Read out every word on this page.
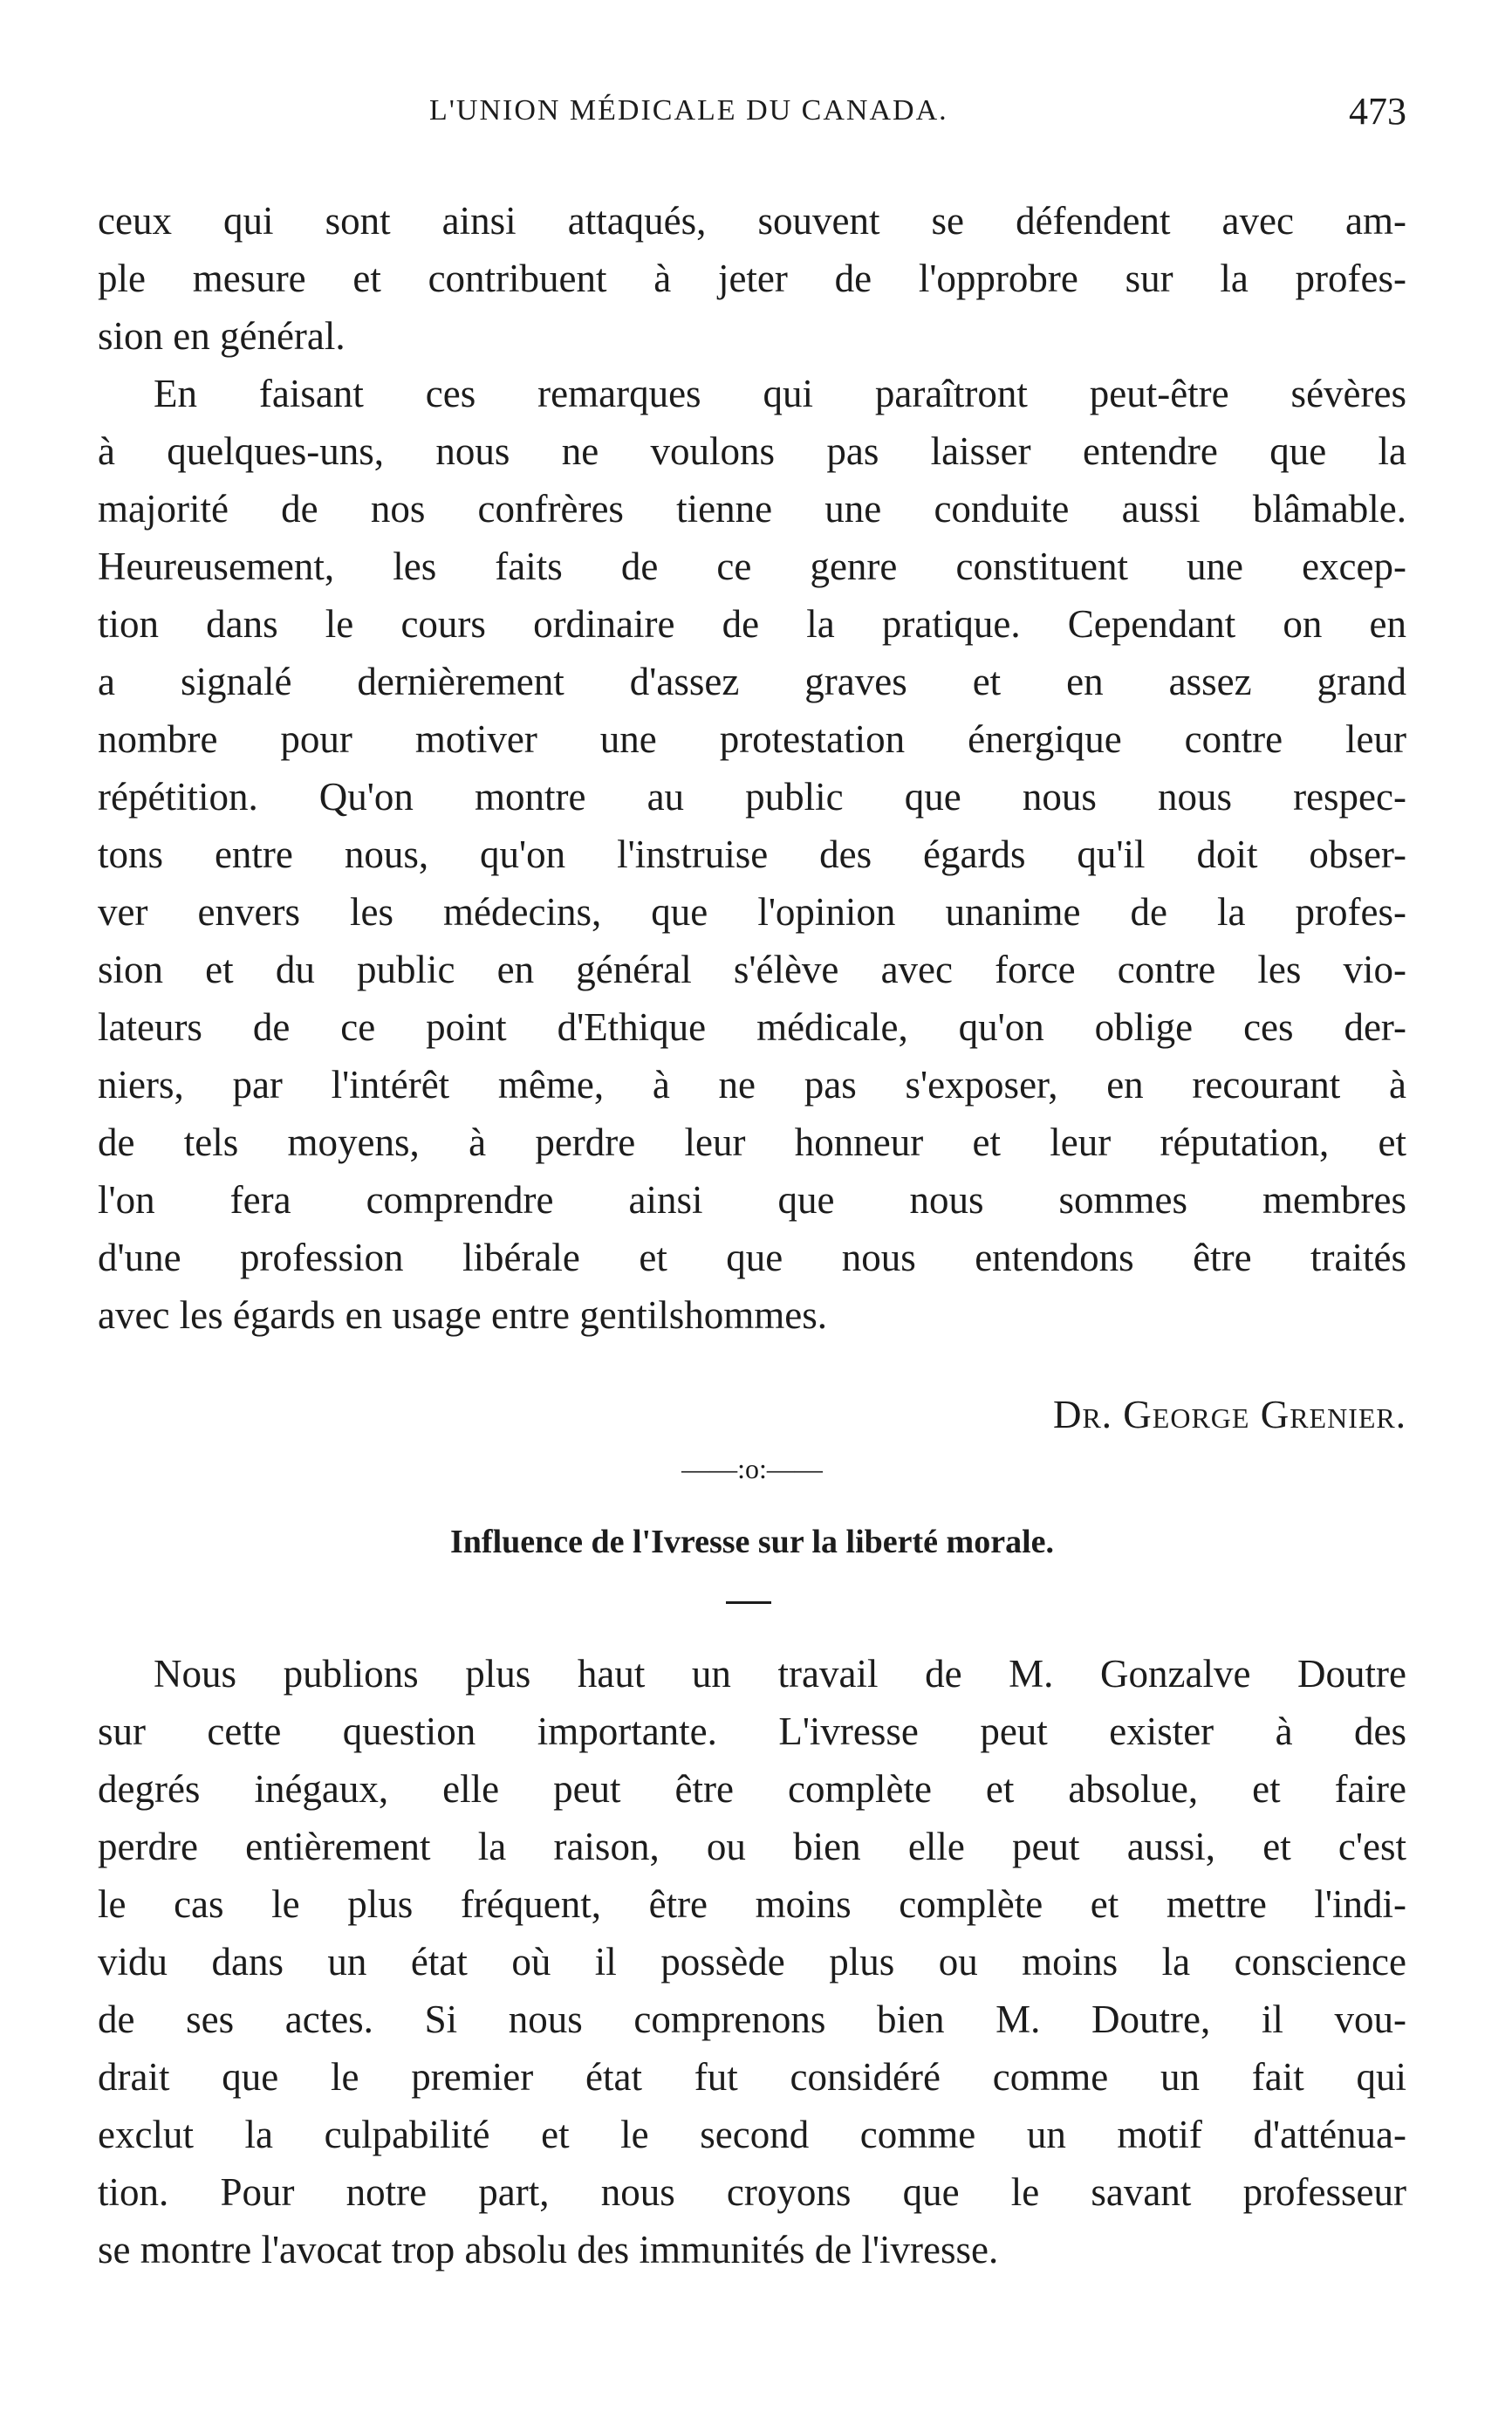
L'UNION MÉDICALE DU CANADA.	473
ceux qui sont ainsi attaqués, souvent se défendent avec am-
ple mesure et contribuent à jeter de l'opprobre sur la profes-
sion en général.
En faisant ces remarques qui paraîtront peut-être sévères
à quelques-uns, nous ne voulons pas laisser entendre que la
majorité de nos confrères tienne une conduite aussi blâmable.
Heureusement, les faits de ce genre constituent une excep-
tion dans le cours ordinaire de la pratique. Cependant on en
a signalé dernièrement d'assez graves et en assez grand
nombre pour motiver une protestation énergique contre leur
répétition. Qu'on montre au public que nous nous respec-
tons entre nous, qu'on l'instruise des égards qu'il doit obser-
ver envers les médecins, que l'opinion unanime de la profes-
sion et du public en général s'élève avec force contre les vio-
lateurs de ce point d'Ethique médicale, qu'on oblige ces der-
niers, par l'intérêt même, à ne pas s'exposer, en recourant à
de tels moyens, à perdre leur honneur et leur réputation, et
l'on fera comprendre ainsi que nous sommes membres
d'une profession libérale et que nous entendons être traités
avec les égards en usage entre gentilshommes.
Dr. George Grenier.
——:o:——
Influence de l'Ivresse sur la liberté morale.
Nous publions plus haut un travail de M. Gonzalve Doutre
sur cette question importante. L'ivresse peut exister à des
degrés inégaux, elle peut être complète et absolue, et faire
perdre entièrement la raison, ou bien elle peut aussi, et c'est
le cas le plus fréquent, être moins complète et mettre l'indi-
vidu dans un état où il possède plus ou moins la conscience
de ses actes. Si nous comprenons bien M. Doutre, il vou-
drait que le premier état fut considéré comme un fait qui
exclut la culpabilité et le second comme un motif d'atténua-
tion. Pour notre part, nous croyons que le savant professeur
se montre l'avocat trop absolu des immunités de l'ivresse.
